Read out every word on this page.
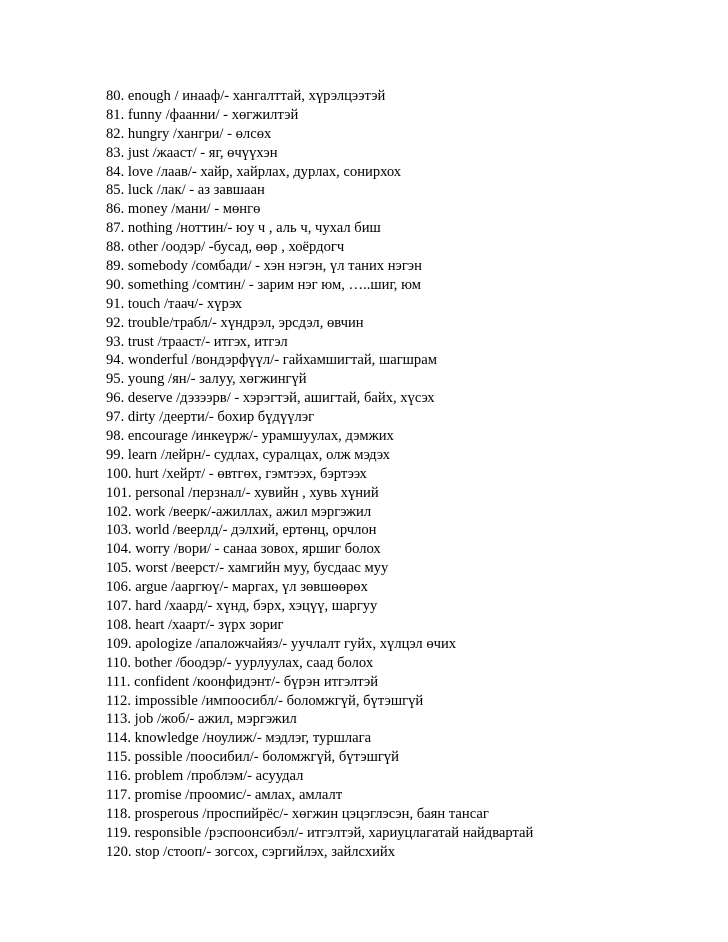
80. enough / инааф/- хангалттай, хүрэлцээтэй
81. funny /фаанни/ - хөгжилтэй
82. hungry /хангри/ - өлсөх
83. just /жааст/ - яг, өчүүхэн
84. love /лаав/- хайр, хайрлах, дурлах, сонирхох
85. luck /лак/ - аз завшаан
86. money /мани/ - мөнгө
87. nothing /ноттин/- юу ч , аль ч, чухал биш
88. other /оодэр/ -бусад, өөр , хоёрдогч
89. somebody /сомбади/ - хэн нэгэн, үл таних нэгэн
90. something /сомтин/ - зарим нэг юм, …..шиг, юм
91. touch /таач/- хүрэх
92. trouble/трабл/- хүндрэл, эрсдэл, өвчин
93. trust /трааст/- итгэх, итгэл
94. wonderful /вондэрфүүл/- гайхамшигтай, шагшрам
95. young /ян/- залуу, хөгжингүй
96. deserve /дэзээрв/ - хэрэгтэй, ашигтай, байх, хүсэх
97. dirty /деерти/- бохир бүдүүлэг
98. encourage /инкеүрж/- урамшуулах, дэмжих
99. learn /лейрн/- судлах, суралцах, олж мэдэх
100. hurt /хейрт/ - өвтгөх, гэмтээх, бэртээх
101. personal /перзнал/- хувийн , хувь хүний
102. work /веерк/-ажиллах, ажил мэргэжил
103. world /веерлд/- дэлхий, ертөнц, орчлон
104. worry /вори/ - санаа зовох, яршиг болох
105. worst /веерст/- хамгийн муу, бусдаас муу
106. argue /ааргюү/- маргах, үл зөвшөөрөх
107. hard /хаард/- хүнд, бэрх, хэцүү, шаргуу
108. heart /хаарт/- зүрх зориг
109. apologize /апаложчайяз/- уучлалт гуйх, хүлцэл өчих
110. bother /боодэр/- уурлуулах, саад болох
111. confident /коонфидэнт/- бүрэн итгэлтэй
112. impossible /импоосибл/- боломжгүй, бүтэшгүй
113. job /жоб/- ажил, мэргэжил
114. knowledge /ноулиж/- мэдлэг, туршлага
115. possible /поосибил/- боломжгүй, бүтэшгүй
116. problem /проблэм/- асуудал
117. promise /проомис/- амлах, амлалт
118. prosperous /проспийрёс/- хөгжин цэцэглэсэн, баян тансаг
119. responsible /рэспоонсибэл/- итгэлтэй, хариуцлагатай найдвартай
120. stop /стооп/- зогсох, сэргийлэх, зайлсхийх
